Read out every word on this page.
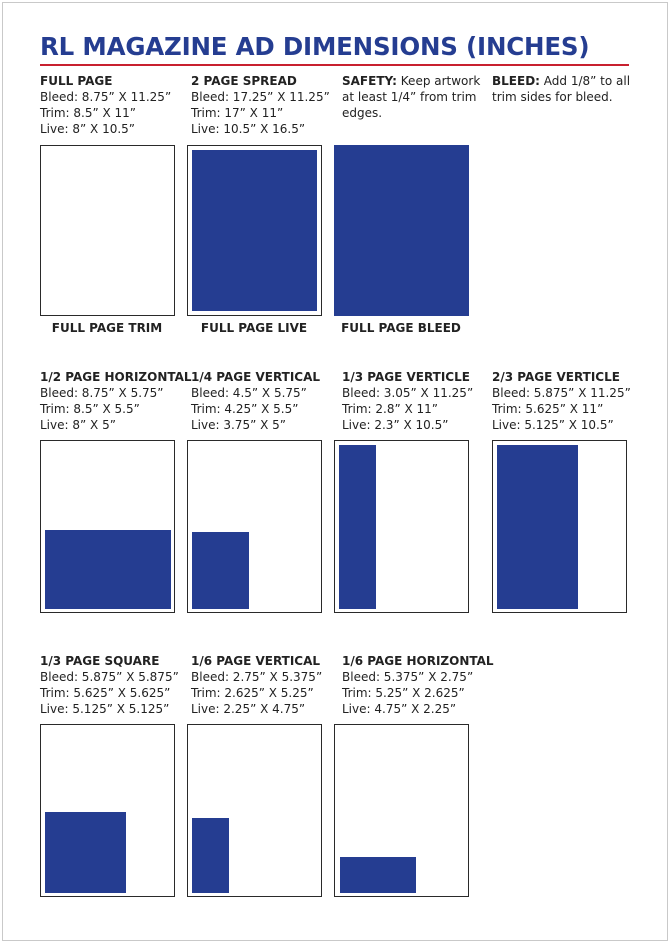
RL MAGAZINE AD DIMENSIONS (INCHES)
FULL PAGE
Bleed: 8.75” X 11.25”
Trim: 8.5” X 11”
Live: 8” X 10.5”
2 PAGE SPREAD
Bleed: 17.25” X 11.25”
Trim: 17” X 11”
Live: 10.5” X 16.5”
SAFETY: Keep artwork at least 1/4” from trim edges.
BLEED: Add 1/8” to all trim sides for bleed.
FULL PAGE TRIM	FULL PAGE LIVE	FULL PAGE BLEED
1/2 PAGE HORIZONTAL
Bleed: 8.75” X 5.75”
Trim: 8.5” X 5.5”
Live: 8” X 5”
1/4 PAGE VERTICAL
Bleed: 4.5” X 5.75”
Trim: 4.25” X 5.5”
Live: 3.75” X 5”
1/3 PAGE VERTICLE
Bleed: 3.05” X 11.25”
Trim: 2.8” X 11”
Live: 2.3” X 10.5”
2/3 PAGE VERTICLE
Bleed: 5.875” X 11.25”
Trim: 5.625” X 11”
Live: 5.125” X 10.5”
1/3 PAGE SQUARE
Bleed: 5.875” X 5.875”
Trim: 5.625” X 5.625”
Live: 5.125” X 5.125”
1/6 PAGE VERTICAL
Bleed: 2.75” X 5.375”
Trim: 2.625” X 5.25”
Live: 2.25” X 4.75”
1/6 PAGE HORIZONTAL
Bleed: 5.375” X 2.75”
Trim: 5.25” X 2.625”
Live: 4.75” X 2.25”
